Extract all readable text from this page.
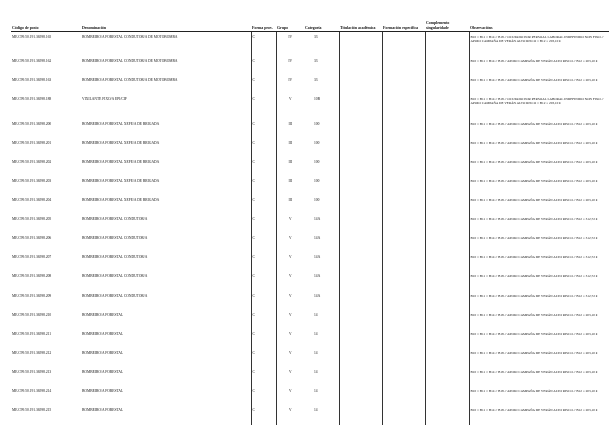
Código de posto	Denominación	Forma prov.	Grupo	Categoría	Titulación académica	Formación específica	Complemento singularidade	Observacións
ME.C99.50.191.36598.165	BOMBEIRO/A FORESTAL CONDUTOR/A DE MOTOBOMBA	C	IV	33				B10 // B11 // B14 // B18 // OCUPADO POR PERSOAL LABORAL INDEFINIDO NON FIXO // APOIO CAMPAÑA DE VERÁN ALTO RISCO // B12 = 203,10 €
ME.C99.50.191.36598.162	BOMBEIRO/A FORESTAL CONDUTOR/A DE MOTOBOMBA	C	IV	33				B10 // B11 // B14 // B18 // APOIO CAMPAÑA DE VERÁN ALTO RISCO // B12 = 203,10 €
ME.C99.50.191.36598.163	BOMBEIRO/A FORESTAL CONDUTOR/A DE MOTOBOMBA	C	IV	33				B10 // B11 // B14 // B18 // APOIO CAMPAÑA DE VERÁN ALTO RISCO // B12 = 203,10 €
ME.C99.50.191.36598.188	VIXILANTE FIXO/A EPI/CIF	C	V	10B				B10 // B11 // B14 // B18 // OCUPADO POR PERSOAL LABORAL INDEFINIDO NON FIXO // APOIO CAMPAÑA DE VERÁN ALTO RISCO // B12 = 203,10 €
ME.C99.50.191.36598.200	BOMBEIRO/A FORESTAL XEFE/A DE BRIGADA	C	III	100				B10 // B11 // B14 // B18 // APOIO CAMPAÑA DE VERÁN ALTO RISCO // B12 = 203,10 €
ME.C99.50.191.36598.201	BOMBEIRO/A FORESTAL XEFE/A DE BRIGADA	C	III	100				B10 // B11 // B14 // B18 // APOIO CAMPAÑA DE VERÁN ALTO RISCO // B12 = 203,10 €
ME.C99.50.191.36598.202	BOMBEIRO/A FORESTAL XEFE/A DE BRIGADA	C	III	100				B10 // B11 // B14 // B18 // APOIO CAMPAÑA DE VERÁN ALTO RISCO // B12 = 203,10 €
ME.C99.50.191.36598.203	BOMBEIRO/A FORESTAL XEFE/A DE BRIGADA	C	III	100				B10 // B11 // B14 // B18 // APOIO CAMPAÑA DE VERÁN ALTO RISCO // B12 = 203,10 €
ME.C99.50.191.36598.204	BOMBEIRO/A FORESTAL XEFE/A DE BRIGADA	C	III	100				B10 // B11 // B14 // B18 // APOIO CAMPAÑA DE VERÁN ALTO RISCO // B12 = 203,10 €
ME.C99.50.191.36598.205	BOMBEIRO/A FORESTAL CONDUTOR/A	C	V	14A				B10 // B11 // B14 // B18 // APOIO CAMPAÑA DE VERÁN ALTO RISCO // B12 = 312,72 €
ME.C99.50.191.36598.206	BOMBEIRO/A FORESTAL CONDUTOR/A	C	V	14A				B10 // B11 // B14 // B18 // APOIO CAMPAÑA DE VERÁN ALTO RISCO // B12 = 312,72 €
ME.C99.50.191.36598.207	BOMBEIRO/A FORESTAL CONDUTOR/A	C	V	14A				B10 // B11 // B14 // B18 // APOIO CAMPAÑA DE VERÁN ALTO RISCO // B12 = 312,72 €
ME.C99.50.191.36598.208	BOMBEIRO/A FORESTAL CONDUTOR/A	C	V	14A				B10 // B11 // B14 // B18 // APOIO CAMPAÑA DE VERÁN ALTO RISCO // B12 = 312,72 €
ME.C99.50.191.36598.209	BOMBEIRO/A FORESTAL CONDUTOR/A	C	V	14A				B10 // B11 // B14 // B18 // APOIO CAMPAÑA DE VERÁN ALTO RISCO // B12 = 312,72 €
ME.C99.50.191.36598.210	BOMBEIRO/A FORESTAL	C	V	14				B10 // B11 // B14 // B18 // APOIO CAMPAÑA DE VERÁN ALTO RISCO // B12 = 203,10 €
ME.C99.50.191.36598.211	BOMBEIRO/A FORESTAL	C	V	14				B10 // B11 // B14 // B18 // APOIO CAMPAÑA DE VERÁN ALTO RISCO // B12 = 203,10 €
ME.C99.50.191.36598.212	BOMBEIRO/A FORESTAL	C	V	14				B10 // B11 // B14 // B18 // APOIO CAMPAÑA DE VERÁN ALTO RISCO // B12 = 203,10 €
ME.C99.50.191.36598.213	BOMBEIRO/A FORESTAL	C	V	14				B10 // B11 // B14 // B18 // APOIO CAMPAÑA DE VERÁN ALTO RISCO // B12 = 203,10 €
ME.C99.50.191.36598.214	BOMBEIRO/A FORESTAL	C	V	14				B10 // B11 // B14 // B18 // APOIO CAMPAÑA DE VERÁN ALTO RISCO // B12 = 203,10 €
ME.C99.50.191.36598.215	BOMBEIRO/A FORESTAL	C	V	14				B10 // B11 // B14 // B18 // APOIO CAMPAÑA DE VERÁN ALTO RISCO // B12 = 203,10 €
